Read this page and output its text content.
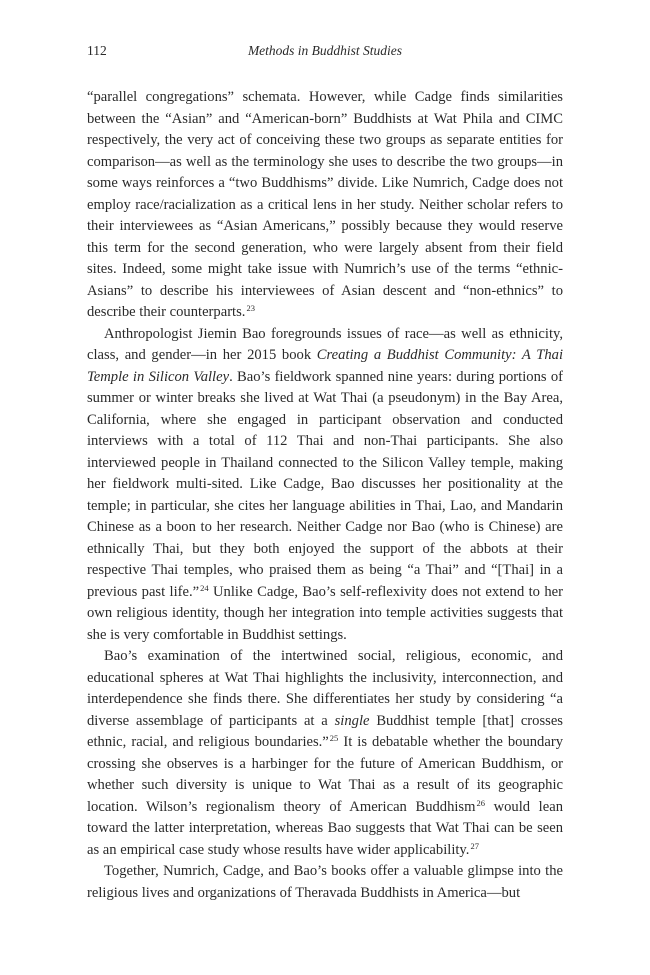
112	Methods in Buddhist Studies

“parallel congregations” schemata. However, while Cadge finds similarities between the “Asian” and “American-born” Buddhists at Wat Phila and CIMC respectively, the very act of conceiving these two groups as separate entities for comparison—as well as the terminology she uses to describe the two groups—in some ways reinforces a “two Buddhisms” divide. Like Numrich, Cadge does not employ race/racialization as a critical lens in her study. Neither scholar refers to their interviewees as “Asian Americans,” possibly because they would reserve this term for the second generation, who were largely absent from their field sites. Indeed, some might take issue with Numrich’s use of the terms “ethnic-Asians” to describe his interviewees of Asian descent and “non-ethnics” to describe their counterparts.$^{23}$

Anthropologist Jiemin Bao foregrounds issues of race—as well as ethnicity, class, and gender—in her 2015 book Creating a Buddhist Community: A Thai Temple in Silicon Valley. Bao’s fieldwork spanned nine years: during portions of summer or winter breaks she lived at Wat Thai (a pseudonym) in the Bay Area, California, where she engaged in participant observation and conducted interviews with a total of 112 Thai and non-Thai participants. She also interviewed people in Thailand connected to the Silicon Valley temple, making her fieldwork multi-sited. Like Cadge, Bao discusses her positionality at the temple; in particular, she cites her language abilities in Thai, Lao, and Mandarin Chinese as a boon to her research. Neither Cadge nor Bao (who is Chinese) are ethnically Thai, but they both enjoyed the support of the abbots at their respective Thai temples, who praised them as being “a Thai” and “[Thai] in a previous past life.”$^{24}$ Unlike Cadge, Bao’s self-reflexivity does not extend to her own religious identity, though her integration into temple activities suggests that she is very comfortable in Buddhist settings.

Bao’s examination of the intertwined social, religious, economic, and educational spheres at Wat Thai highlights the inclusivity, interconnection, and interdependence she finds there. She differentiates her study by considering “a diverse assemblage of participants at a single Buddhist temple [that] crosses ethnic, racial, and religious boundaries.”$^{25}$ It is debatable whether the boundary crossing she observes is a harbinger for the future of American Buddhism, or whether such diversity is unique to Wat Thai as a result of its geographic location. Wilson’s regionalism theory of American Buddhism$^{26}$ would lean toward the latter interpretation, whereas Bao suggests that Wat Thai can be seen as an empirical case study whose results have wider applicability.$^{27}$

Together, Numrich, Cadge, and Bao’s books offer a valuable glimpse into the religious lives and organizations of Theravada Buddhists in America—but
